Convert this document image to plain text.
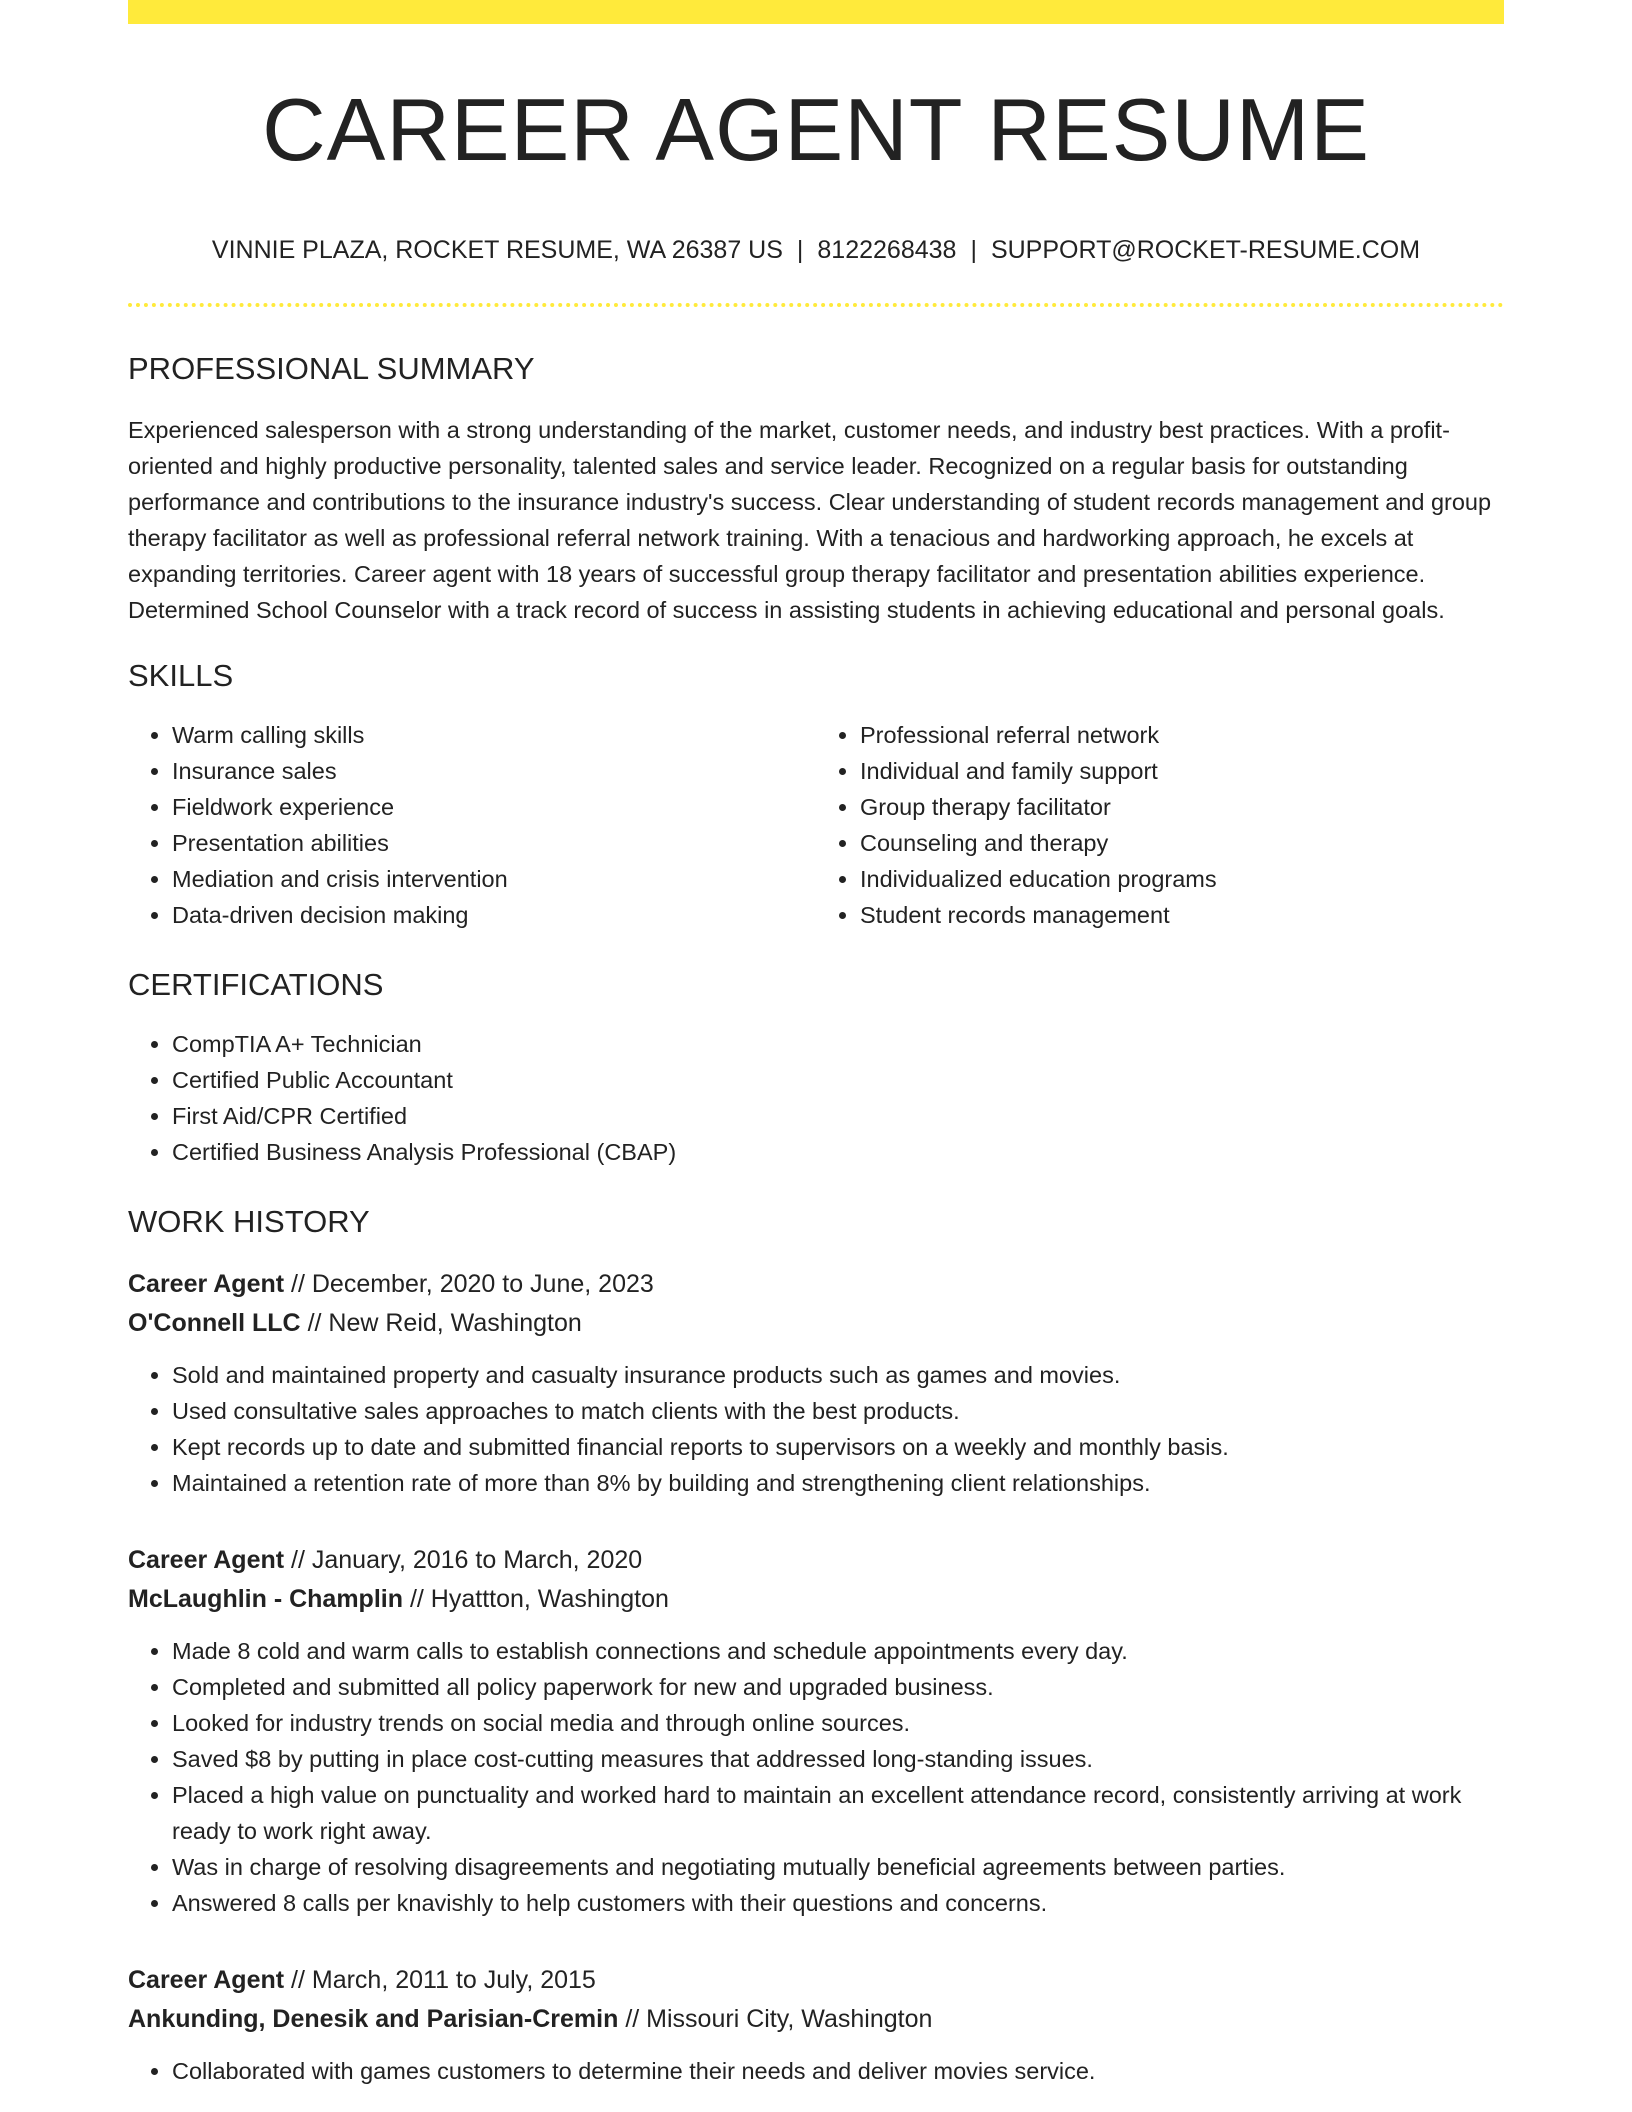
CAREER AGENT RESUME
VINNIE PLAZA, ROCKET RESUME, WA 26387 US | 8122268438 | SUPPORT@ROCKET-RESUME.COM
PROFESSIONAL SUMMARY

Experienced salesperson with a strong understanding of the market, customer needs, and industry best practices. With a profit-oriented and highly productive personality, talented sales and service leader. Recognized on a regular basis for outstanding performance and contributions to the insurance industry's success. Clear understanding of student records management and group therapy facilitator as well as professional referral network training. With a tenacious and hardworking approach, he excels at expanding territories. Career agent with 18 years of successful group therapy facilitator and presentation abilities experience. Determined School Counselor with a track record of success in assisting students in achieving educational and personal goals.

SKILLS
• Warm calling skills
• Insurance sales
• Fieldwork experience
• Presentation abilities
• Mediation and crisis intervention
• Data-driven decision making
• Professional referral network
• Individual and family support
• Group therapy facilitator
• Counseling and therapy
• Individualized education programs
• Student records management
CERTIFICATIONS
• CompTIA A+ Technician
• Certified Public Accountant
• First Aid/CPR Certified
• Certified Business Analysis Professional (CBAP)
WORK HISTORY
Career Agent // December, 2020 to June, 2023
O'Connell LLC // New Reid, Washington
• Sold and maintained property and casualty insurance products such as games and movies.
• Used consultative sales approaches to match clients with the best products.
• Kept records up to date and submitted financial reports to supervisors on a weekly and monthly basis.
• Maintained a retention rate of more than 8% by building and strengthening client relationships.
Career Agent // January, 2016 to March, 2020
McLaughlin - Champlin // Hyattton, Washington
• Made 8 cold and warm calls to establish connections and schedule appointments every day.
• Completed and submitted all policy paperwork for new and upgraded business.
• Looked for industry trends on social media and through online sources.
• Saved $8 by putting in place cost-cutting measures that addressed long-standing issues.
• Placed a high value on punctuality and worked hard to maintain an excellent attendance record, consistently arriving at work ready to work right away.
• Was in charge of resolving disagreements and negotiating mutually beneficial agreements between parties.
• Answered 8 calls per knavishly to help customers with their questions and concerns.
Career Agent // March, 2011 to July, 2015
Ankunding, Denesik and Parisian-Cremin // Missouri City, Washington
• Collaborated with games customers to determine their needs and deliver movies service.
